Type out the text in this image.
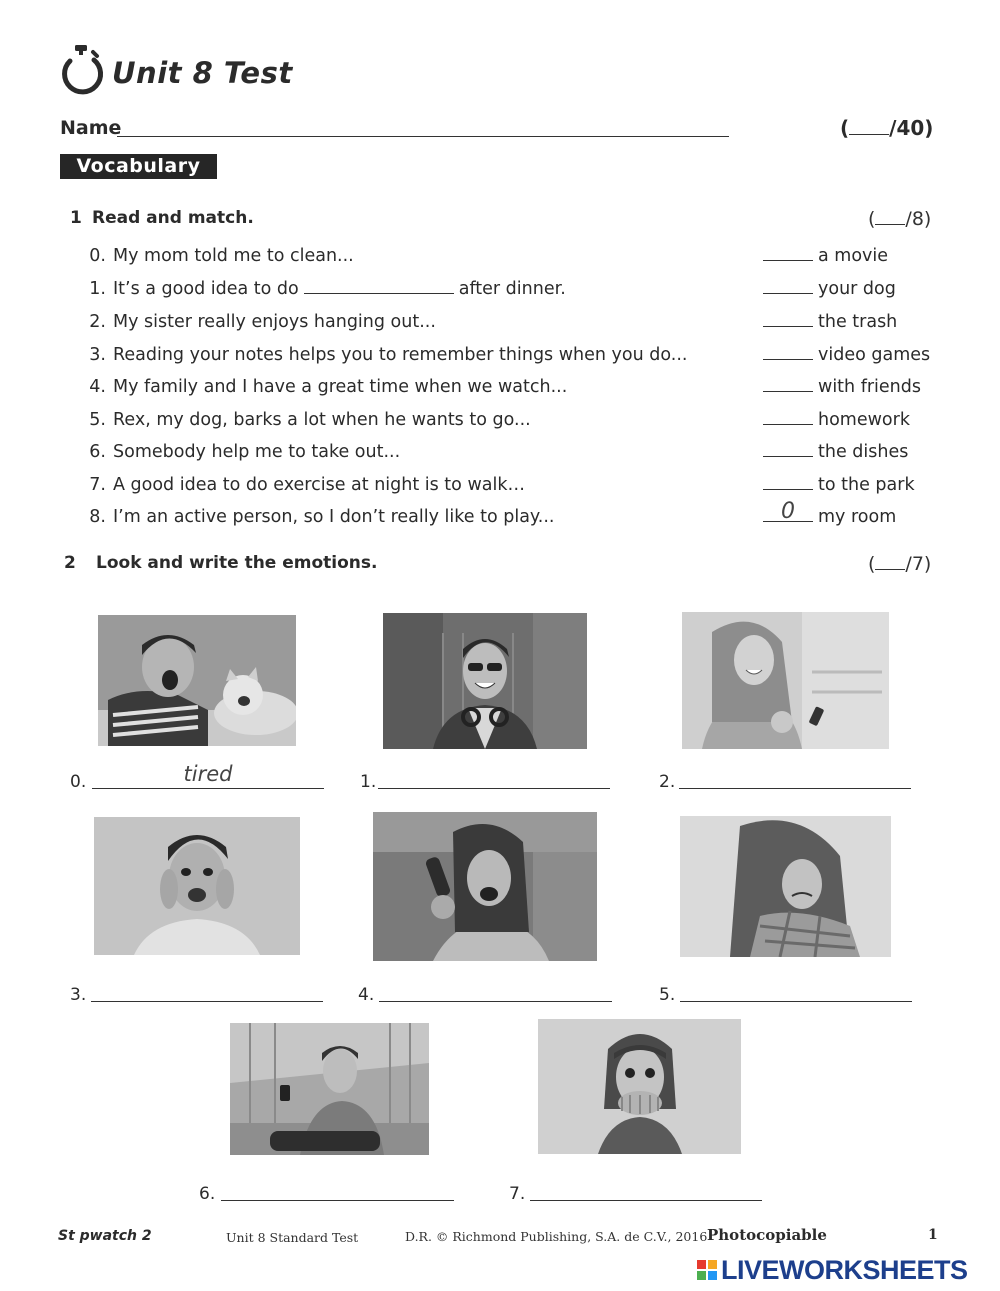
Unit 8 Test
Name	( /40)
Vocabulary
1 Read and match.	( /8)
0. My mom told me to clean...	a movie
1. It’s a good idea to do	after dinner.	your dog
2. My sister really enjoys hanging out...	the trash
3. Reading your notes helps you to remember things when you do...	video games
4. My family and I have a great time when we watch...	with friends
5. Rex, my dog, barks a lot when he wants to go...	homework
6. Somebody help me to take out...	the dishes
7. A good idea to do exercise at night is to walk…	to the park
8. I’m an active person, so I don’t really like to play...	0	my room
2 Look and write the emotions.	( /7)
0.	tired	1.	2.
3.	4.	5.
6.	7.
St pwatch 2	Unit 8 Standard Test	D.R. © Richmond Publishing, S.A. de C.V., 2016 Photocopiable	1
LIVEWORKSHEETS
